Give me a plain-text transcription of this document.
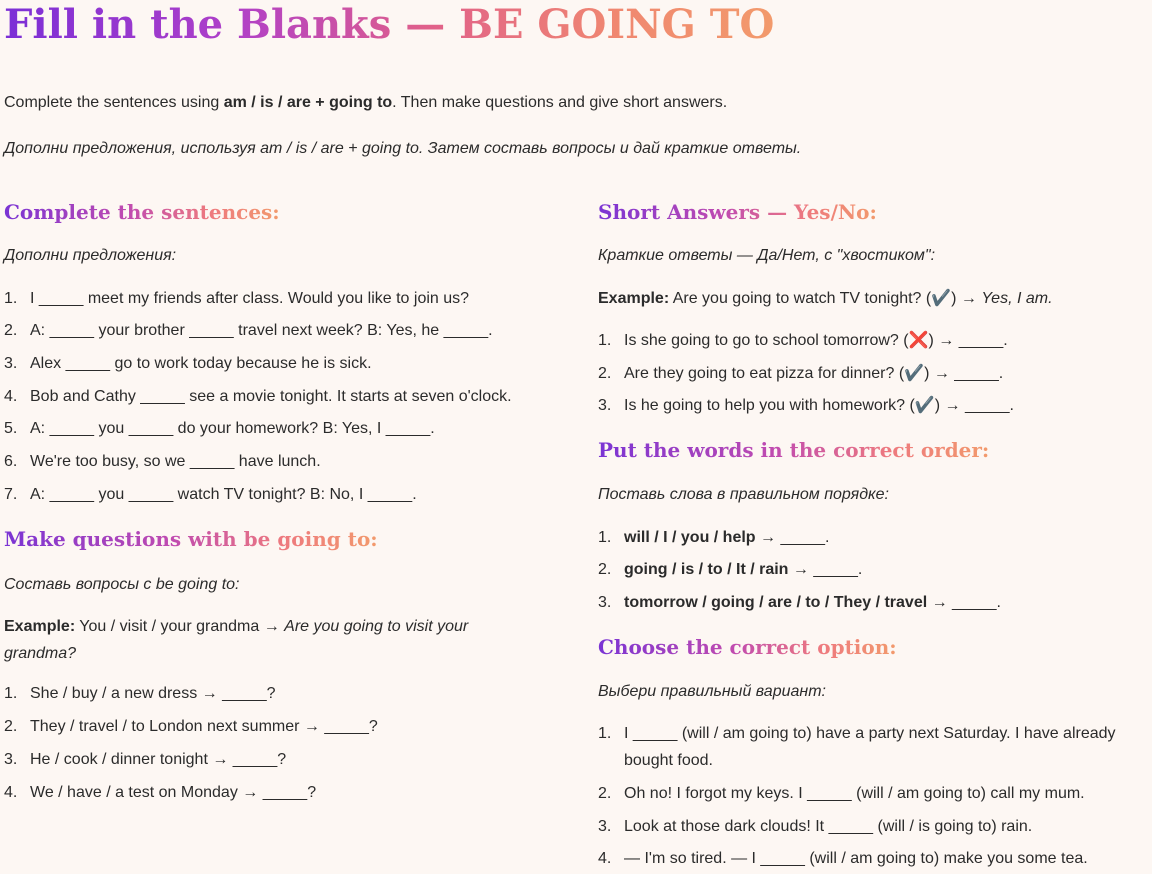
Fill in the Blanks — BE GOING TO
Complete the sentences using am / is / are + going to. Then make questions and give short answers.
Дополни предложения, используя am / is / are + going to. Затем составь вопросы и дай краткие ответы.
Complete the sentences:
Дополни предложения:
1. I _____ meet my friends after class. Would you like to join us?
2. A: _____ your brother _____ travel next week? B: Yes, he _____.
3. Alex _____ go to work today because he is sick.
4. Bob and Cathy _____ see a movie tonight. It starts at seven o'clock.
5. A: _____ you _____ do your homework? B: Yes, I _____.
6. We're too busy, so we _____ have lunch.
7. A: _____ you _____ watch TV tonight? B: No, I _____.
Make questions with be going to:
Составь вопросы с be going to:
Example: You / visit / your grandma → Are you going to visit your grandma?
1. She / buy / a new dress → _____?
2. They / travel / to London next summer → _____?
3. He / cook / dinner tonight → _____?
4. We / have / a test on Monday → _____?
Short Answers — Yes/No:
Краткие ответы — Да/Нет, с "хвостиком":
Example: Are you going to watch TV tonight? (✔️) → Yes, I am.
1. Is she going to go to school tomorrow? (❌) → _____.
2. Are they going to eat pizza for dinner? (✔️) → _____.
3. Is he going to help you with homework? (✔️) → _____.
Put the words in the correct order:
Поставь слова в правильном порядке:
1. will / I / you / help → _____.
2. going / is / to / It / rain → _____.
3. tomorrow / going / are / to / They / travel → _____.
Choose the correct option:
Выбери правильный вариант:
1. I _____ (will / am going to) have a party next Saturday. I have already bought food.
2. Oh no! I forgot my keys. I _____ (will / am going to) call my mum.
3. Look at those dark clouds! It _____ (will / is going to) rain.
4. — I'm so tired. — I _____ (will / am going to) make you some tea.
